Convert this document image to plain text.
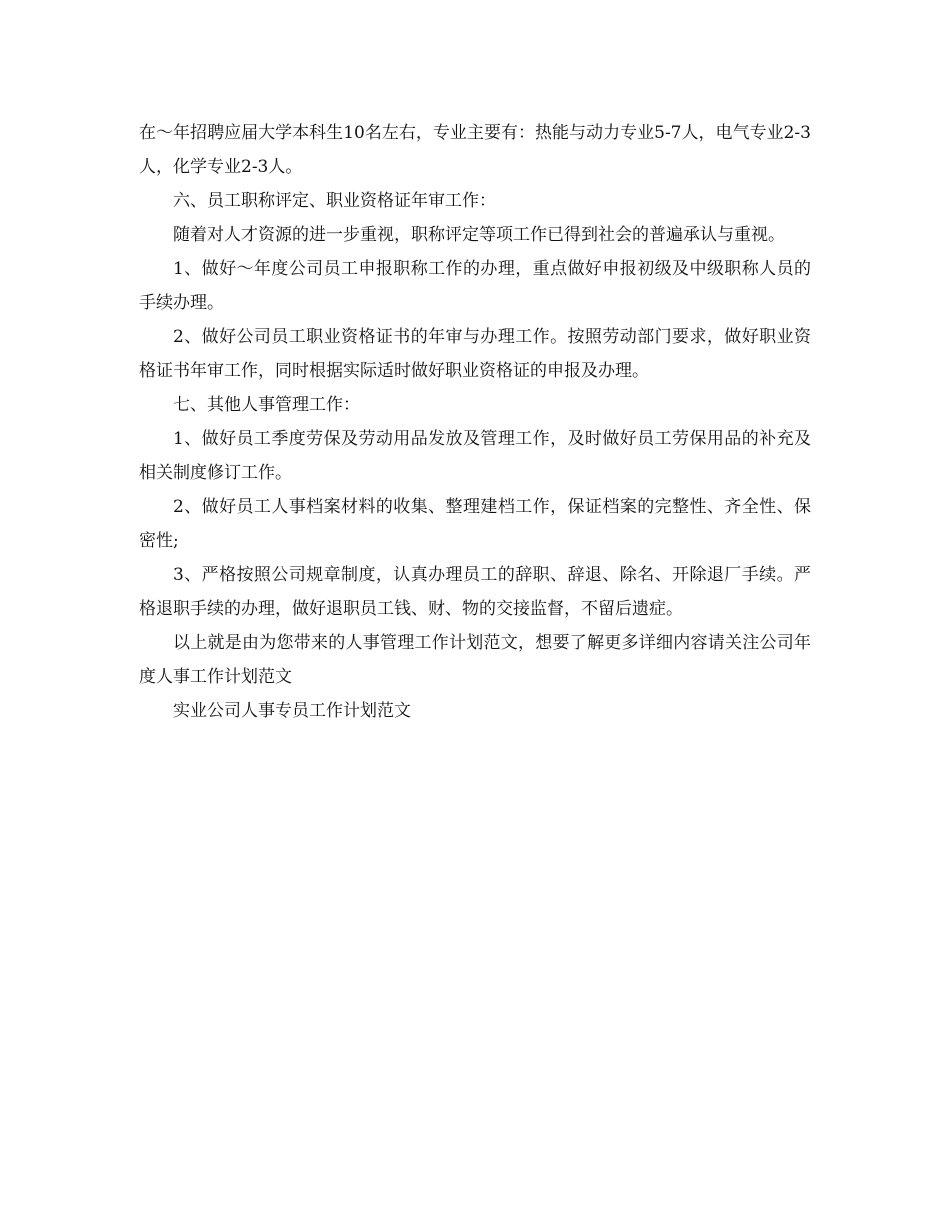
在～年招聘应届大学本科生10名左右，专业主要有：热能与动力专业5-7人，电气专业2-3人，化学专业2-3人。

六、员工职称评定、职业资格证年审工作：

随着对人才资源的进一步重视，职称评定等项工作已得到社会的普遍承认与重视。

1、做好～年度公司员工申报职称工作的办理，重点做好申报初级及中级职称人员的手续办理。

2、做好公司员工职业资格证书的年审与办理工作。按照劳动部门要求，做好职业资格证书年审工作，同时根据实际适时做好职业资格证的申报及办理。

七、其他人事管理工作：

1、做好员工季度劳保及劳动用品发放及管理工作，及时做好员工劳保用品的补充及相关制度修订工作。

2、做好员工人事档案材料的收集、整理建档工作，保证档案的完整性、齐全性、保密性;

3、严格按照公司规章制度，认真办理员工的辞职、辞退、除名、开除退厂手续。严格退职手续的办理，做好退职员工钱、财、物的交接监督，不留后遗症。

以上就是由为您带来的人事管理工作计划范文，想要了解更多详细内容请关注公司年度人事工作计划范文

实业公司人事专员工作计划范文
